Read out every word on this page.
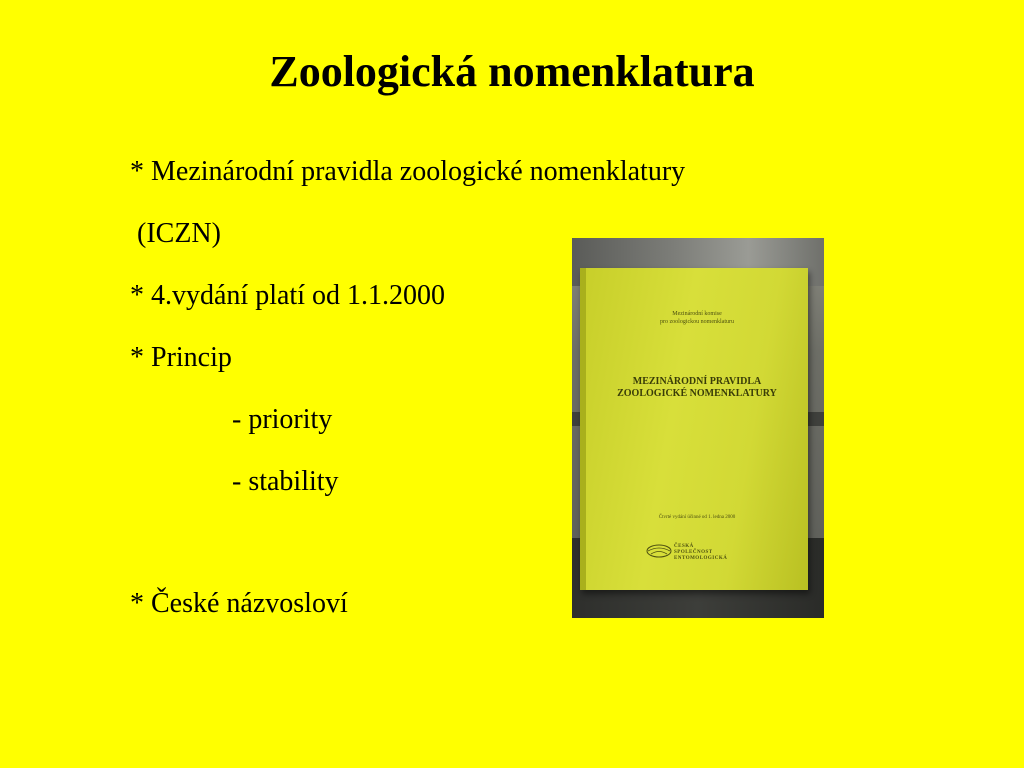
Zoologická nomenklatura
* Mezinárodní pravidla zoologické nomenklatury
(ICZN)
* 4.vydání platí od 1.1.2000
* Princip
- priority
- stability
* České názvosloví
Mezinárodní komise
pro zoologickou nomenklaturu
MEZINÁRODNÍ PRAVIDLA
ZOOLOGICKÉ NOMENKLATURY
Čtvrté vydání účinné od 1. ledna 2000
ČESKÁ
SPOLEČNOST
ENTOMOLOGICKÁ
